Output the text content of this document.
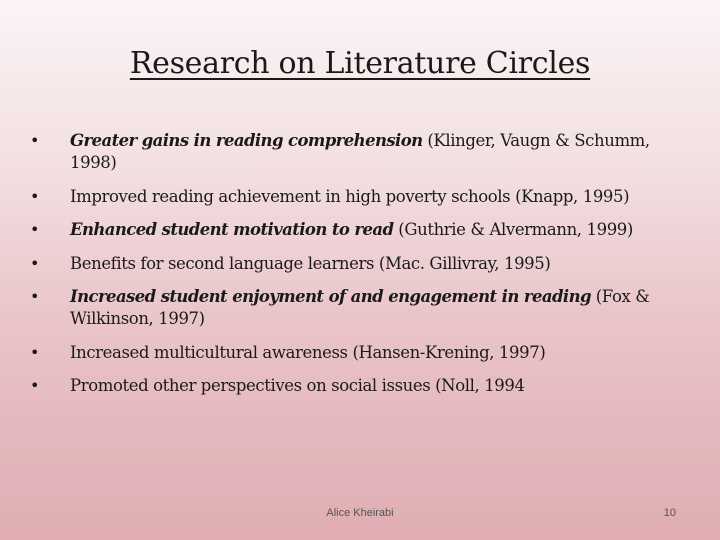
Research on Literature Circles
• Greater gains in reading comprehension (Klinger, Vaugn & Schumm, 1998)
• Improved reading achievement in high poverty schools (Knapp, 1995)
• Enhanced student motivation to read (Guthrie & Alvermann, 1999)
• Benefits for second language learners (Mac. Gillivray, 1995)
• Increased student enjoyment of and engagement in reading (Fox & Wilkinson, 1997)
• Increased multicultural awareness (Hansen-Krening, 1997)
• Promoted other perspectives on social issues (Noll, 1994
Alice Kheirabi	10
